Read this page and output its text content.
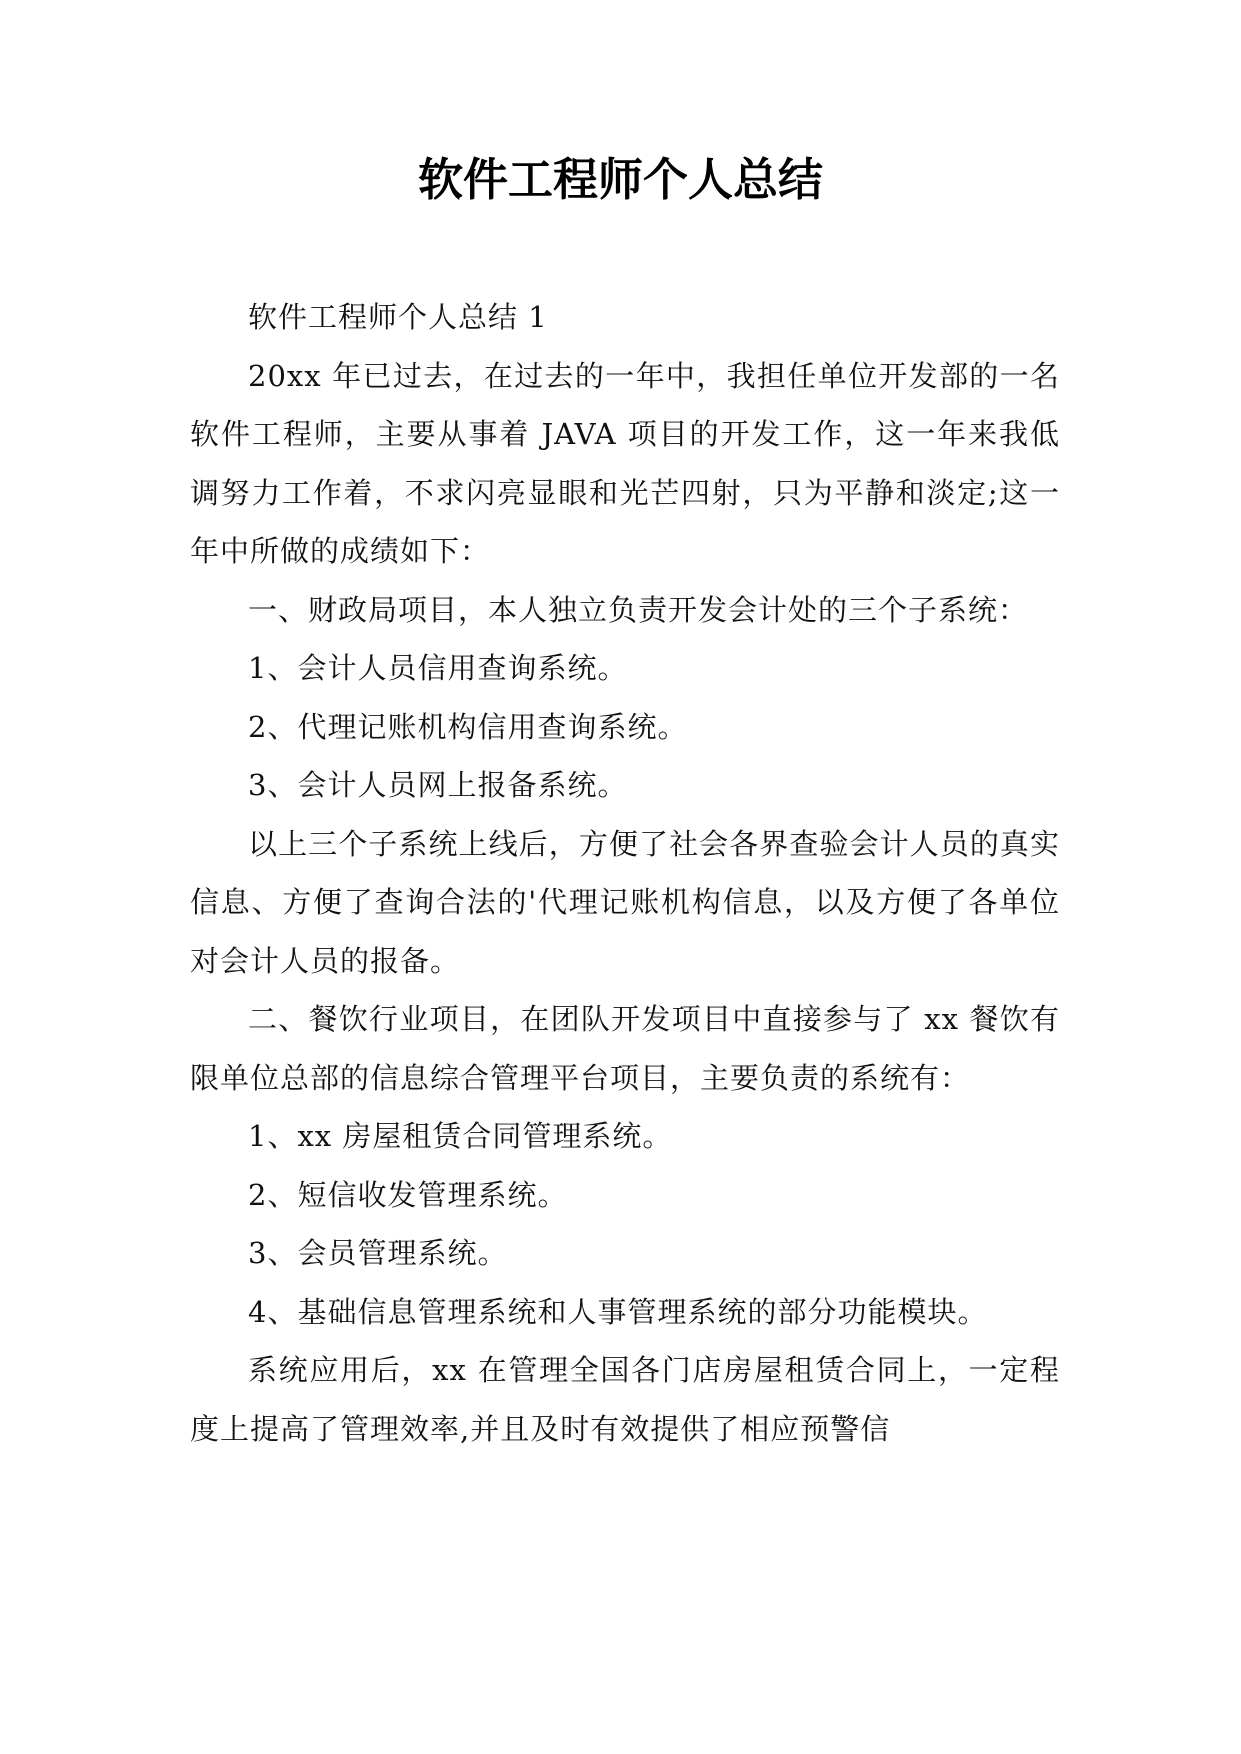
软件工程师个人总结

软件工程师个人总结 1

20xx 年已过去，在过去的一年中，我担任单位开发部的一名软件工程师，主要从事着 JAVA 项目的开发工作，这一年来我低调努力工作着，不求闪亮显眼和光芒四射，只为平静和淡定;这一年中所做的成绩如下：

一、财政局项目，本人独立负责开发会计处的三个子系统：

1、会计人员信用查询系统。

2、代理记账机构信用查询系统。

3、会计人员网上报备系统。

以上三个子系统上线后，方便了社会各界查验会计人员的真实信息、方便了查询合法的'代理记账机构信息，以及方便了各单位对会计人员的报备。

二、餐饮行业项目，在团队开发项目中直接参与了 xx 餐饮有限单位总部的信息综合管理平台项目，主要负责的系统有：

1、xx 房屋租赁合同管理系统。

2、短信收发管理系统。

3、会员管理系统。

4、基础信息管理系统和人事管理系统的部分功能模块。

系统应用后，xx 在管理全国各门店房屋租赁合同上，一定程度上提高了管理效率,并且及时有效提供了相应预警信
